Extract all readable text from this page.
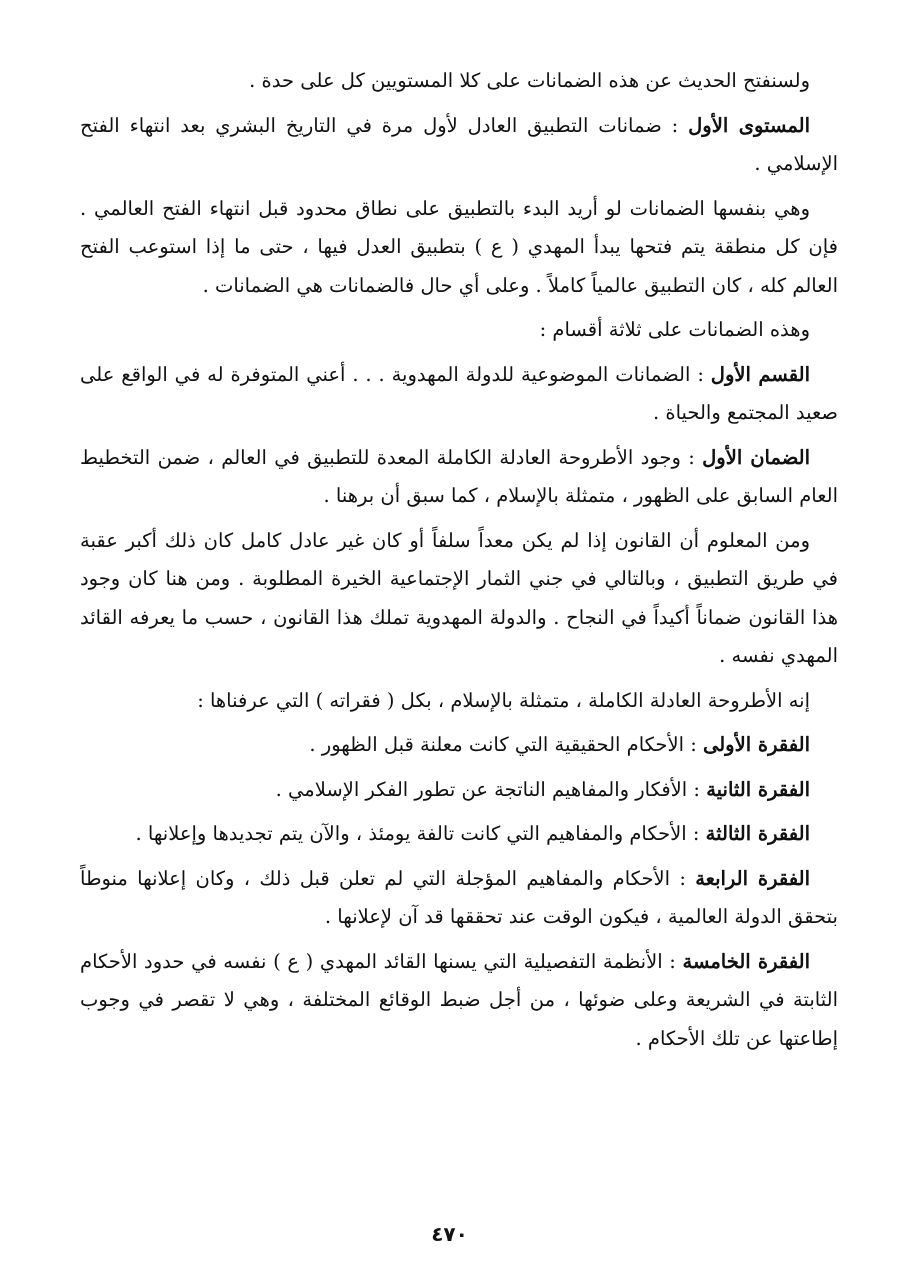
ولسنفتح الحديث عن هذه الضمانات على كلا المستويين كل على حدة .

المستوى الأول : ضمانات التطبيق العادل لأول مرة في التاريخ البشري بعد انتهاء الفتح الإسلامي .

وهي بنفسها الضمانات لو أريد البدء بالتطبيق على نطاق محدود قبل انتهاء الفتح العالمي . فإن كل منطقة يتم فتحها يبدأ المهدي ( ع ) بتطبيق العدل فيها ، حتى ما إذا استوعب الفتح العالم كله ، كان التطبيق عالمياً كاملاً . وعلى أي حال فالضمانات هي الضمانات .

وهذه الضمانات على ثلاثة أقسام :

القسم الأول : الضمانات الموضوعية للدولة المهدوية . . . أعني المتوفرة له في الواقع على صعيد المجتمع والحياة .

الضمان الأول : وجود الأطروحة العادلة الكاملة المعدة للتطبيق في العالم ، ضمن التخطيط العام السابق على الظهور ، متمثلة بالإسلام ، كما سبق أن برهنا .

ومن المعلوم أن القانون إذا لم يكن معداً سلفاً أو كان غير عادل كامل كان ذلك أكبر عقبة في طريق التطبيق ، وبالتالي في جني الثمار الإجتماعية الخيرة المطلوبة . ومن هنا كان وجود هذا القانون ضماناً أكيداً في النجاح . والدولة المهدوية تملك هذا القانون ، حسب ما يعرفه القائد المهدي نفسه .

إنه الأطروحة العادلة الكاملة ، متمثلة بالإسلام ، بكل ( فقراته ) التي عرفناها :

الفقرة الأولى : الأحكام الحقيقية التي كانت معلنة قبل الظهور .

الفقرة الثانية : الأفكار والمفاهيم الناتجة عن تطور الفكر الإسلامي .

الفقرة الثالثة : الأحكام والمفاهيم التي كانت تالفة يومئذ ، والآن يتم تجديدها وإعلانها .

الفقرة الرابعة : الأحكام والمفاهيم المؤجلة التي لم تعلن قبل ذلك ، وكان إعلانها منوطاً بتحقق الدولة العالمية ، فيكون الوقت عند تحققها قد آن لإعلانها .

الفقرة الخامسة : الأنظمة التفصيلية التي يسنها القائد المهدي ( ع ) نفسه في حدود الأحكام الثابتة في الشريعة وعلى ضوئها ، من أجل ضبط الوقائع المختلفة ، وهي لا تقصر في وجوب إطاعتها عن تلك الأحكام .

٤٧٠
